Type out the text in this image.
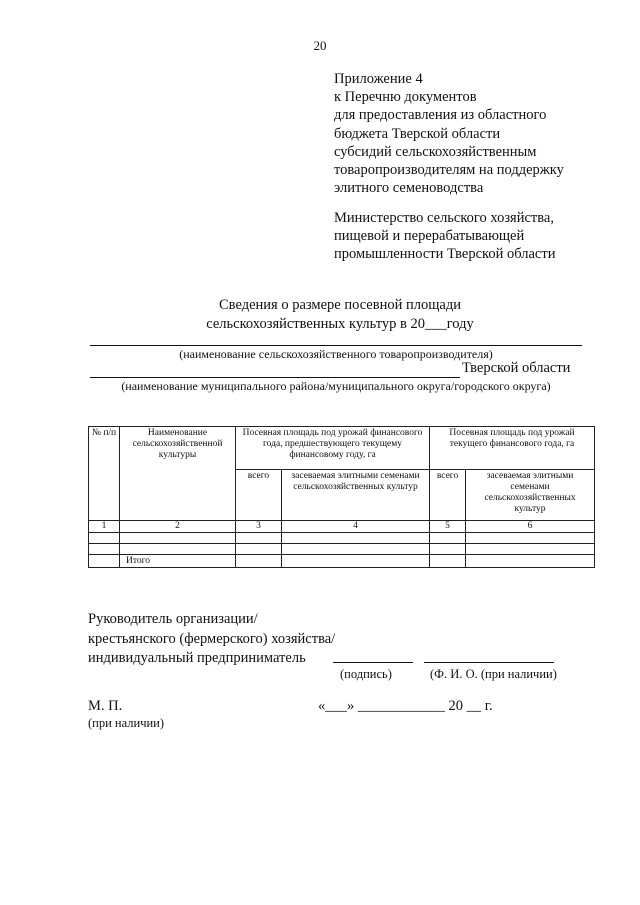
20
Приложение 4
к Перечню документов
для предоставления из областного
бюджета Тверской области
субсидий сельскохозяйственным
товаропроизводителям на поддержку
элитного семеноводства
Министерство сельского хозяйства,
пищевой и перерабатывающей
промышленности Тверской области
Сведения о размере посевной площади
сельскохозяйственных культур в 20___году
(наименование сельскохозяйственного товаропроизводителя)
Тверской области
(наименование муниципального района/муниципального округа/городского округа)
№ п/п	Наименование сельскохозяйственной культуры	Посевная площадь под урожай финансового года, предшествующего текущему финансовому году, га		Посевная площадь под урожай текущего финансового года, га	
		всего	засеваемая элитными семенами сельскохозяйственных культур	всего	засеваемая элитными семенами сельскохозяйственных культур
1	2	3	4	5	6

	Итого				
Руководитель организации/
крестьянского (фермерского) хозяйства/
индивидуальный предприниматель
(подпись)	(Ф. И. О. (при наличии)
М. П.
(при наличии)
«___» ____________ 20 __ г.
